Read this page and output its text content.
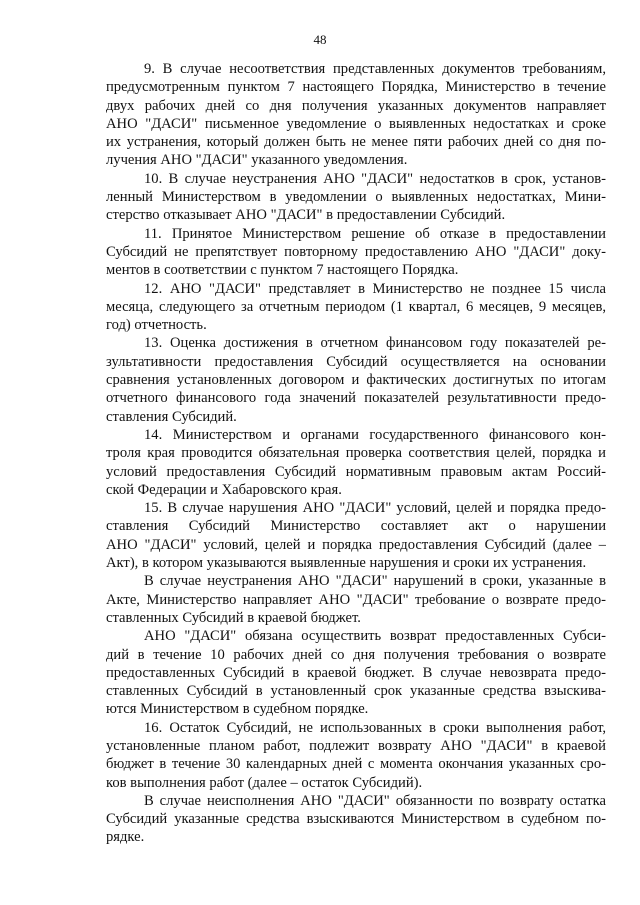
48
9. В случае несоответствия представленных документов требованиям,
предусмотренным пунктом 7 настоящего Порядка, Министерство в течение
двух рабочих дней со дня получения указанных документов направляет
АНО "ДАСИ" письменное уведомление о выявленных недостатках и сроке
их устранения, который должен быть не менее пяти рабочих дней со дня по-
лучения АНО "ДАСИ" указанного уведомления.
10. В случае неустранения АНО "ДАСИ" недостатков в срок, установ-
ленный Министерством в уведомлении о выявленных недостатках, Мини-
стерство отказывает АНО "ДАСИ" в предоставлении Субсидий.
11. Принятое Министерством решение об отказе в предоставлении
Субсидий не препятствует повторному предоставлению АНО "ДАСИ" доку-
ментов в соответствии с пунктом 7 настоящего Порядка.
12. АНО "ДАСИ" представляет в Министерство не позднее 15 числа
месяца, следующего за отчетным периодом (1 квартал, 6 месяцев, 9 месяцев,
год) отчетность.
13. Оценка достижения в отчетном финансовом году показателей ре-
зультативности предоставления Субсидий осуществляется на основании
сравнения установленных договором и фактических достигнутых по итогам
отчетного финансового года значений показателей результативности предо-
ставления Субсидий.
14. Министерством и органами государственного финансового кон-
троля края проводится обязательная проверка соответствия целей, порядка и
условий предоставления Субсидий нормативным правовым актам Россий-
ской Федерации и Хабаровского края.
15. В случае нарушения АНО "ДАСИ" условий, целей и порядка предо-
ставления Субсидий Министерство составляет акт о нарушении
АНО "ДАСИ" условий, целей и порядка предоставления Субсидий (далее –
Акт), в котором указываются выявленные нарушения и сроки их устранения.
В случае неустранения АНО "ДАСИ" нарушений в сроки, указанные в
Акте, Министерство направляет АНО "ДАСИ" требование о возврате предо-
ставленных Субсидий в краевой бюджет.
АНО "ДАСИ" обязана осуществить возврат предоставленных Субси-
дий в течение 10 рабочих дней со дня получения требования о возврате
предоставленных Субсидий в краевой бюджет. В случае невозврата предо-
ставленных Субсидий в установленный срок указанные средства взыскива-
ются Министерством в судебном порядке.
16. Остаток Субсидий, не использованных в сроки выполнения работ,
установленные планом работ, подлежит возврату АНО "ДАСИ" в краевой
бюджет в течение 30 календарных дней с момента окончания указанных сро-
ков выполнения работ (далее – остаток Субсидий).
В случае неисполнения АНО "ДАСИ" обязанности по возврату остатка
Субсидий указанные средства взыскиваются Министерством в судебном по-
рядке.
